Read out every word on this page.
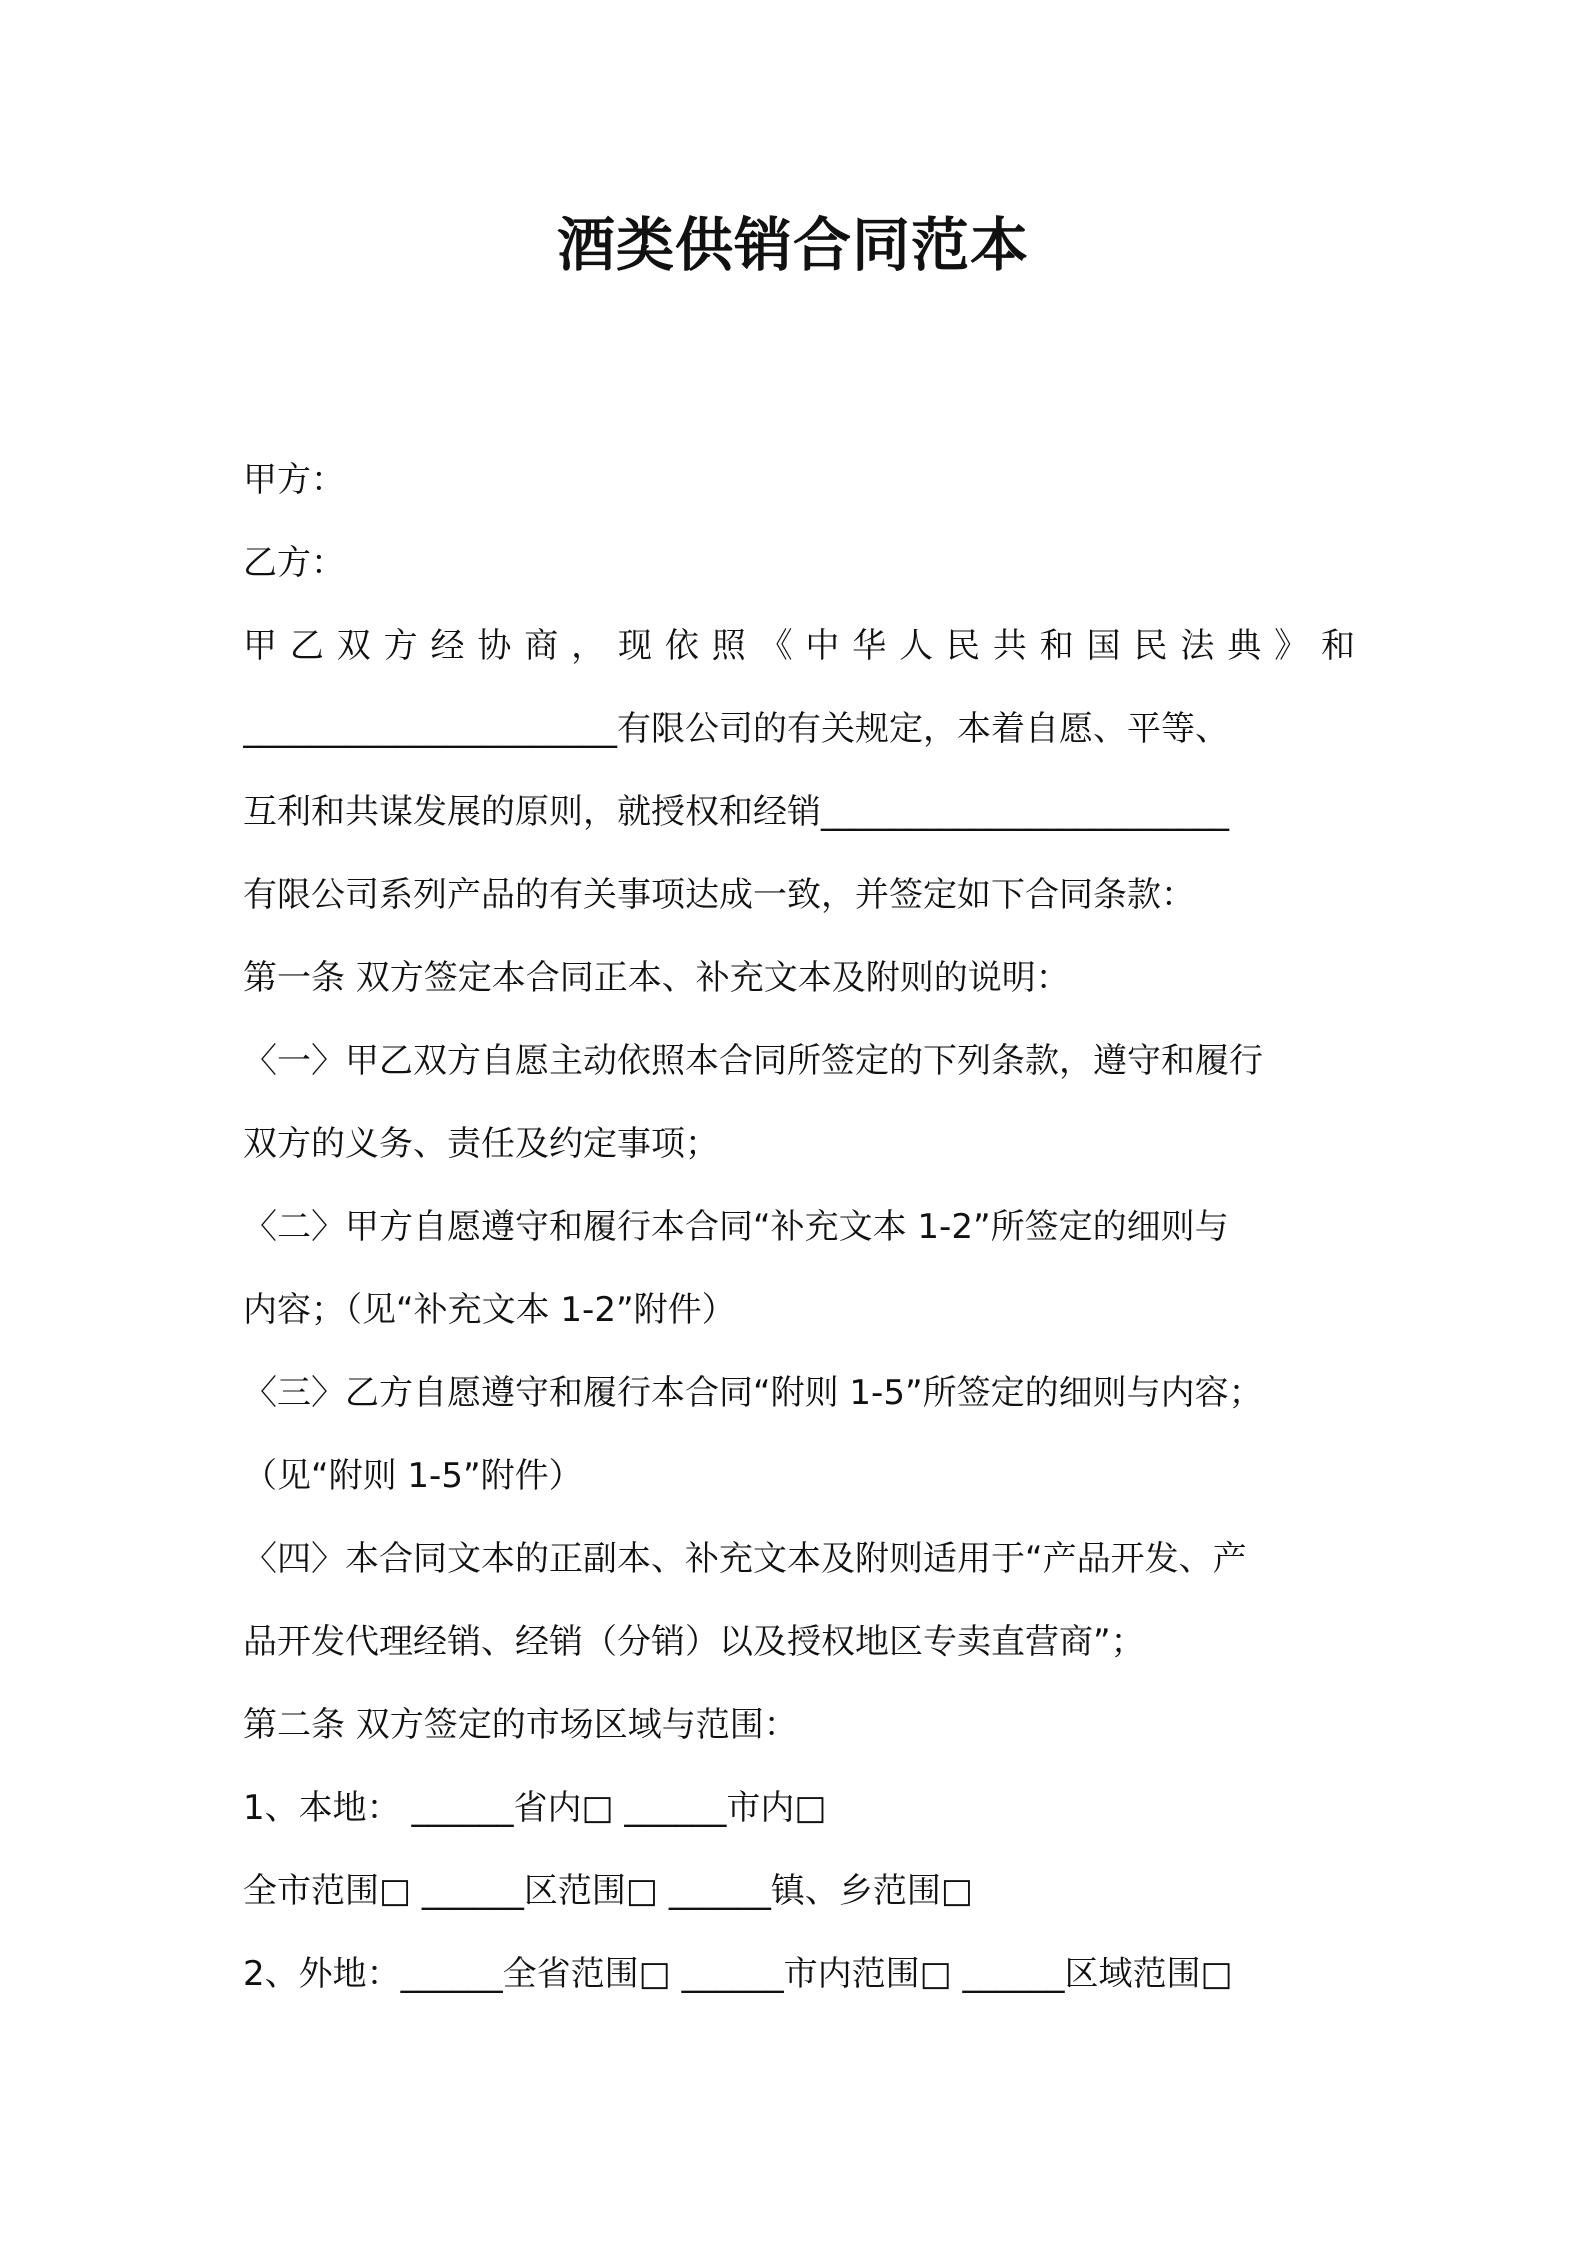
酒类供销合同范本
甲方：
乙方：
甲乙双方经协商，现依照《中华人民共和国民法典》和
______________________有限公司的有关规定，本着自愿、平等、
互利和共谋发展的原则，就授权和经销________________________
有限公司系列产品的有关事项达成一致，并签定如下合同条款：
第一条 双方签定本合同正本、补充文本及附则的说明：
〈一〉甲乙双方自愿主动依照本合同所签定的下列条款，遵守和履行
双方的义务、责任及约定事项；
〈二〉甲方自愿遵守和履行本合同“补充文本 1-2”所签定的细则与
内容；（见“补充文本 1-2”附件）
〈三〉乙方自愿遵守和履行本合同“附则 1-5”所签定的细则与内容；
（见“附则 1-5”附件）
〈四〉本合同文本的正副本、补充文本及附则适用于“产品开发、产
品开发代理经销、经销（分销）以及授权地区专卖直营商”；
第二条 双方签定的市场区域与范围：
1、本地： ______省内□ ______市内□
全市范围□ ______区范围□ ______镇、乡范围□
2、外地：______全省范围□ ______市内范围□ ______区域范围□
